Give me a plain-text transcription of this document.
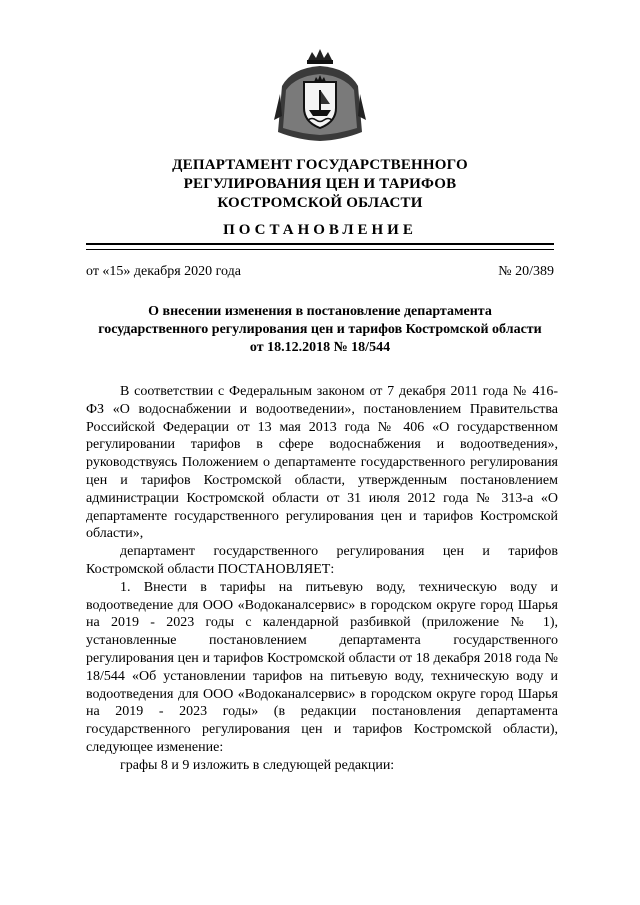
ДЕПАРТАМЕНТ ГОСУДАРСТВЕННОГО
РЕГУЛИРОВАНИЯ ЦЕН И ТАРИФОВ
КОСТРОМСКОЙ ОБЛАСТИ
ПОСТАНОВЛЕНИЕ
от «15» декабря 2020 года	№ 20/389
О внесении изменения в постановление департамента
государственного регулирования цен и тарифов Костромской области
от 18.12.2018 № 18/544

В соответствии с Федеральным законом от 7 декабря 2011 года № 416-ФЗ «О водоснабжении и водоотведении», постановлением Правительства Российской Федерации от 13 мая 2013 года № 406 «О государственном регулировании тарифов в сфере водоснабжения и водоотведения», руководствуясь Положением о департаменте государственного регулирования цен и тарифов Костромской области, утвержденным постановлением администрации Костромской области от 31 июля 2012 года № 313-а «О департаменте государственного регулирования цен и тарифов Костромской области»,

департамент государственного регулирования цен и тарифов Костромской области ПОСТАНОВЛЯЕТ:

1. Внести в тарифы на питьевую воду, техническую воду и водоотведение для ООО «Водоканалсервис» в городском округе город Шарья на 2019 - 2023 годы с календарной разбивкой (приложение № 1), установленные постановлением департамента государственного регулирования цен и тарифов Костромской области от 18 декабря 2018 года № 18/544 «Об установлении тарифов на питьевую воду, техническую воду и водоотведения для ООО «Водоканалсервис» в городском округе город Шарья на 2019 - 2023 годы» (в редакции постановления департамента государственного регулирования цен и тарифов Костромской области), следующее изменение:

графы 8 и 9 изложить в следующей редакции:
